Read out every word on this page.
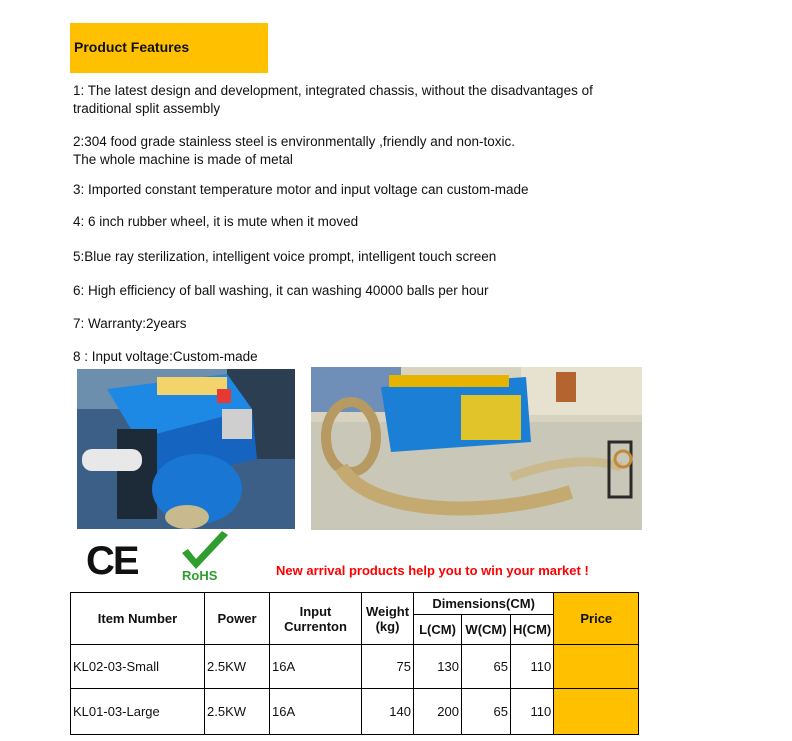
Product Features
1: The latest design and development, integrated chassis, without the disadvantages of
traditional split assembly
2:304 food grade stainless steel is environmentally ,friendly and non-toxic.
The whole machine is made of metal
3: Imported constant temperature motor and input voltage can custom-made
4: 6 inch rubber wheel, it is mute when it moved
5:Blue ray sterilization, intelligent voice prompt, intelligent touch screen
6: High efficiency of ball washing, it can washing 40000 balls per hour
7: Warranty:2years
8 : Input voltage:Custom-made
CE	RoHS	New arrival products help you to win your market !
Item Number	Power	Input Currenton	Weight (kg)	Dimensions(CM)			Price
				L(CM)	W(CM)	H(CM)	
KL02-03-Small	2.5KW	16A	75	130	65	110	
KL01-03-Large	2.5KW	16A	140	200	65	110	
